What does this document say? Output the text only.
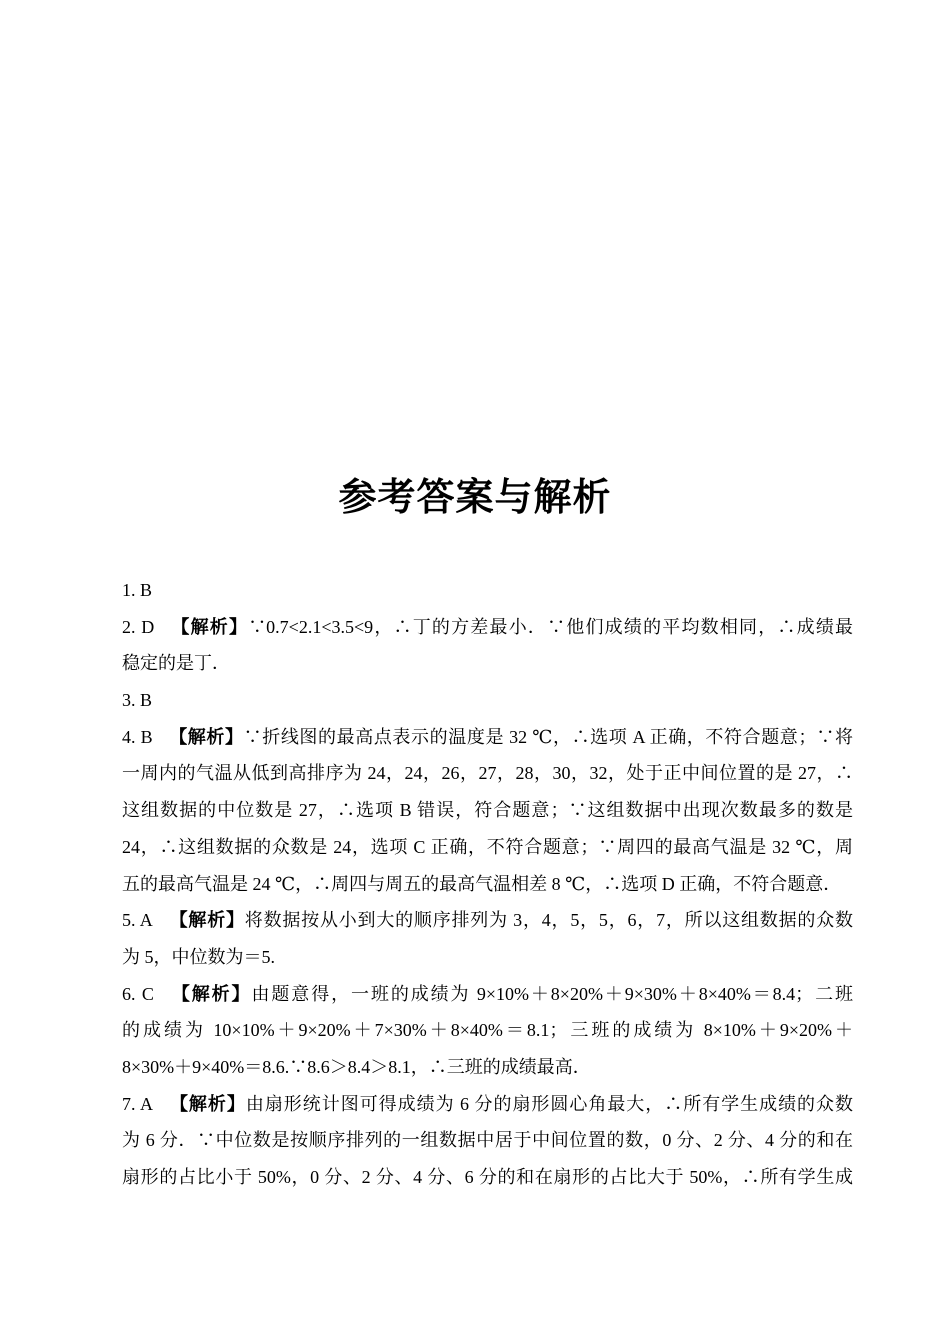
参考答案与解析
1. B
2. D 【解析】∵0.7<2.1<3.5<9，∴丁的方差最小．∵他们成绩的平均数相同，∴成绩最
稳定的是丁．
3. B
4. B 【解析】∵折线图的最高点表示的温度是 32 ℃，∴选项 A 正确，不符合题意；∵将
一周内的气温从低到高排序为 24，24，26，27，28，30，32，处于正中间位置的是 27，∴
这组数据的中位数是 27，∴选项 B 错误，符合题意；∵这组数据中出现次数最多的数是
24，∴这组数据的众数是 24，选项 C 正确，不符合题意；∵周四的最高气温是 32 ℃，周
五的最高气温是 24 ℃，∴周四与周五的最高气温相差 8 ℃，∴选项 D 正确，不符合题意．
5. A 【解析】将数据按从小到大的顺序排列为 3，4，5，5，6，7，所以这组数据的众数
为 5，中位数为＝5.
6. C 【解析】由题意得，一班的成绩为 9×10%＋8×20%＋9×30%＋8×40%＝8.4；二班
的成绩为 10×10%＋9×20%＋7×30%＋8×40%＝8.1；三班的成绩为 8×10%＋9×20%＋
8×30%＋9×40%＝8.6.∵8.6＞8.4＞8.1，∴三班的成绩最高．
7. A 【解析】由扇形统计图可得成绩为 6 分的扇形圆心角最大，∴所有学生成绩的众数
为 6 分．∵中位数是按顺序排列的一组数据中居于中间位置的数，0 分、2 分、4 分的和在
扇形的占比小于 50%，0 分、2 分、4 分、6 分的和在扇形的占比大于 50%，∴所有学生成
